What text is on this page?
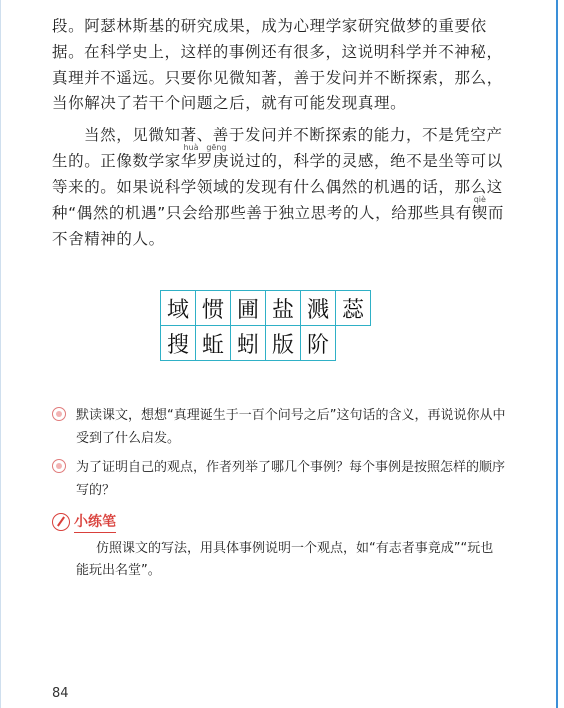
段。阿瑟林斯基的研究成果，成为心理学家研究做梦的重要依据。 在科学史上，这样的事例还有很多，这说明科学并不神秘，真理并不遥远。只要你见微知著，善于发问并不断探索，那么，当你解决了若干个问题之后，就有可能发现真理。

当然，见微知著、善于发问并不断探索的能力，不是凭空产生的。正像数学家华罗庚huà gēng说过的，科学的灵感，绝不是坐等可以等来的。如果说科学领域的发现有什么偶然的机遇的话，那么这种“偶然的机遇”只会给那些善于独立思考的人，给那些具有锲qiè而不舍精神的人。

域	惯	圃	盐	溅	蕊
搜	蚯	蚓	版	阶	
默读课文，想想“真理诞生于一百个问号之后”这句话的含义，再说说你从中受到了什么启发。
为了证明自己的观点，作者列举了哪几个事例？每个事例是按照怎样的顺序写的？
小练笔

仿照课文的写法，用具体事例说明一个观点，如“有志者事竟成”“玩也能玩出名堂”。

84
